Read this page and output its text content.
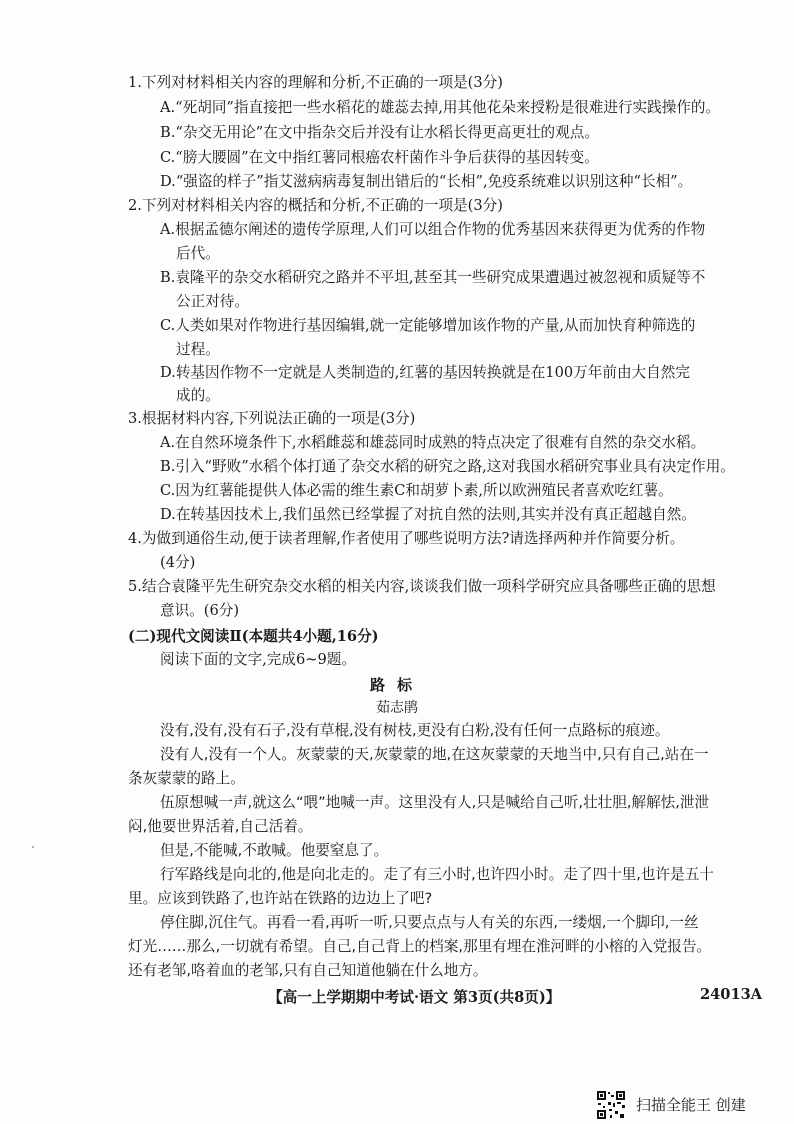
1.下列对材料相关内容的理解和分析,不正确的一项是(3分)
A.“死胡同”指直接把一些水稻花的雄蕊去掉,用其他花朵来授粉是很难进行实践操作的。
B.“杂交无用论”在文中指杂交后并没有让水稻长得更高更壮的观点。
C.“膀大腰圆”在文中指红薯同根癌农杆菌作斗争后获得的基因转变。
D.“强盗的样子”指艾滋病病毒复制出错后的“长相”,免疫系统难以识别这种“长相”。
2.下列对材料相关内容的概括和分析,不正确的一项是(3分)
A.根据孟德尔阐述的遗传学原理,人们可以组合作物的优秀基因来获得更为优秀的作物
后代。
B.袁隆平的杂交水稻研究之路并不平坦,甚至其一些研究成果遭遇过被忽视和质疑等不
公正对待。
C.人类如果对作物进行基因编辑,就一定能够增加该作物的产量,从而加快育种筛选的
过程。
D.转基因作物不一定就是人类制造的,红薯的基因转换就是在100万年前由大自然完
成的。
3.根据材料内容,下列说法正确的一项是(3分)
A.在自然环境条件下,水稻雌蕊和雄蕊同时成熟的特点决定了很难有自然的杂交水稻。
B.引入“野败”水稻个体打通了杂交水稻的研究之路,这对我国水稻研究事业具有决定作用。
C.因为红薯能提供人体必需的维生素C和胡萝卜素,所以欧洲殖民者喜欢吃红薯。
D.在转基因技术上,我们虽然已经掌握了对抗自然的法则,其实并没有真正超越自然。
4.为做到通俗生动,便于读者理解,作者使用了哪些说明方法?请选择两种并作简要分析。
(4分)
5.结合袁隆平先生研究杂交水稻的相关内容,谈谈我们做一项科学研究应具备哪些正确的思想
意识。(6分)
(二)现代文阅读Ⅱ(本题共4小题,16分)
阅读下面的文字,完成6~9题。
路标
茹志鹃
没有,没有,没有石子,没有草棍,没有树枝,更没有白粉,没有任何一点路标的痕迹。
没有人,没有一个人。灰蒙蒙的天,灰蒙蒙的地,在这灰蒙蒙的天地当中,只有自己,站在一
条灰蒙蒙的路上。
伍原想喊一声,就这么“喂”地喊一声。这里没有人,只是喊给自己听,壮壮胆,解解怯,泄泄
闷,他要世界活着,自己活着。
但是,不能喊,不敢喊。他要窒息了。
行军路线是向北的,他是向北走的。走了有三小时,也许四小时。走了四十里,也许是五十
里。应该到铁路了,也许站在铁路的边边上了吧?
停住脚,沉住气。再看一看,再听一听,只要点点与人有关的东西,一缕烟,一个脚印,一丝
灯光……那么,一切就有希望。自己,自己背上的档案,那里有埋在淮河畔的小榕的入党报告。
还有老邹,咯着血的老邹,只有自己知道他躺在什么地方。
【高一上学期期中考试·语文 第3页(共8页)】	24013A
扫描全能王 创建
